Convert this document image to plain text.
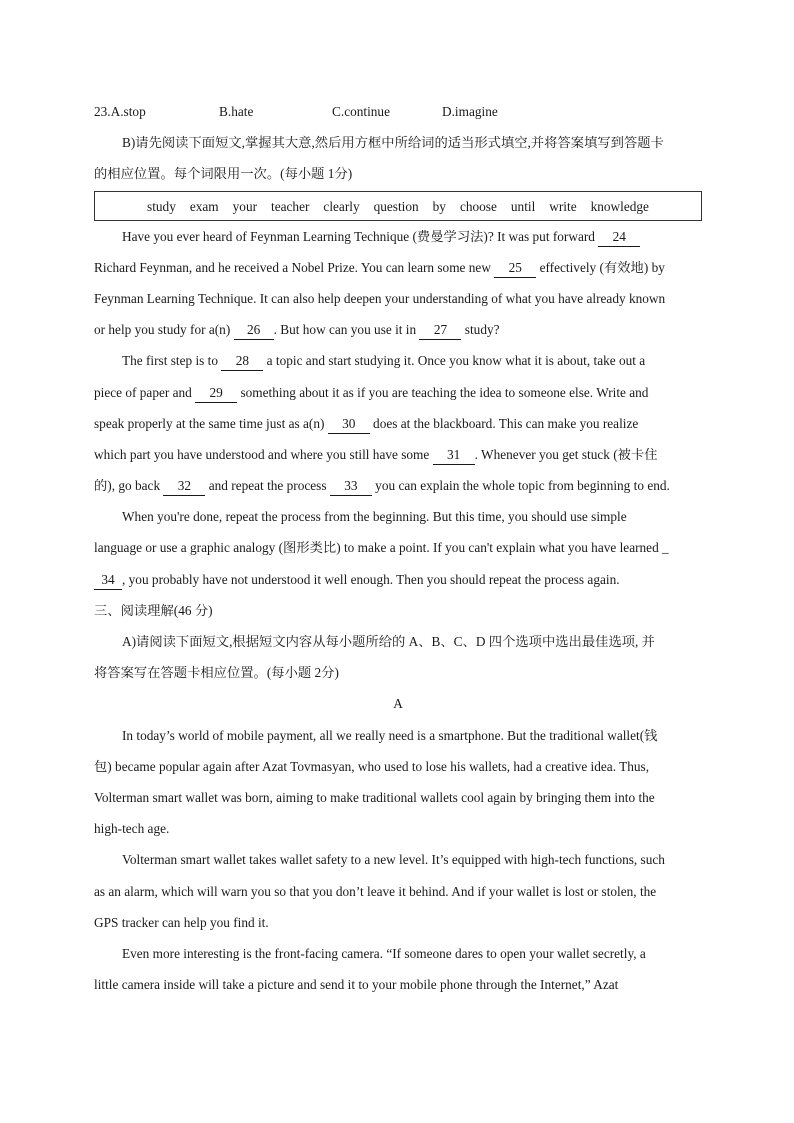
23.A.stop	B.hate	C.continue	D.imagine
B)请先阅读下面短文,掌握其大意,然后用方框中所给词的适当形式填空,并将答案填写到答题卡
的相应位置。每个词限用一次。(每小题 1分)
study exam your teacher clearly question by choose until write knowledge
Have you ever heard of Feynman Learning Technique (费曼学习法)? It was put forward 24
Richard Feynman, and he received a Nobel Prize. You can learn some new 25 effectively (有效地) by
Feynman Learning Technique. It can also help deepen your understanding of what you have already known
or help you study for a(n) 26 . But how can you use it in 27 study?
The first step is to 28 a topic and start studying it. Once you know what it is about, take out a
piece of paper and 29 something about it as if you are teaching the idea to someone else. Write and
speak properly at the same time just as a(n) 30 does at the blackboard. This can make you realize
which part you have understood and where you still have some 31 . Whenever you get stuck (被卡住
的), go back 32 and repeat the process 33 you can explain the whole topic from beginning to end.
When you're done, repeat the process from the beginning. But this time, you should use simple
language or use a graphic analogy (图形类比) to make a point. If you can't explain what you have learned _
34 , you probably have not understood it well enough. Then you should repeat the process again.
三、阅读理解(46 分)
A)请阅读下面短文,根据短文内容从每小题所给的 A、B、C、D 四个选项中选出最佳选项, 并
将答案写在答题卡相应位置。(每小题 2分)
A
In today’s world of mobile payment, all we really need is a smartphone. But the traditional wallet(钱
包) became popular again after Azat Tovmasyan, who used to lose his wallets, had a creative idea. Thus,
Volterman smart wallet was born, aiming to make traditional wallets cool again by bringing them into the
high-tech age.
Volterman smart wallet takes wallet safety to a new level. It’s equipped with high-tech functions, such
as an alarm, which will warn you so that you don’t leave it behind. And if your wallet is lost or stolen, the
GPS tracker can help you find it.
Even more interesting is the front-facing camera. “If someone dares to open your wallet secretly, a
little camera inside will take a picture and send it to your mobile phone through the Internet,” Azat
